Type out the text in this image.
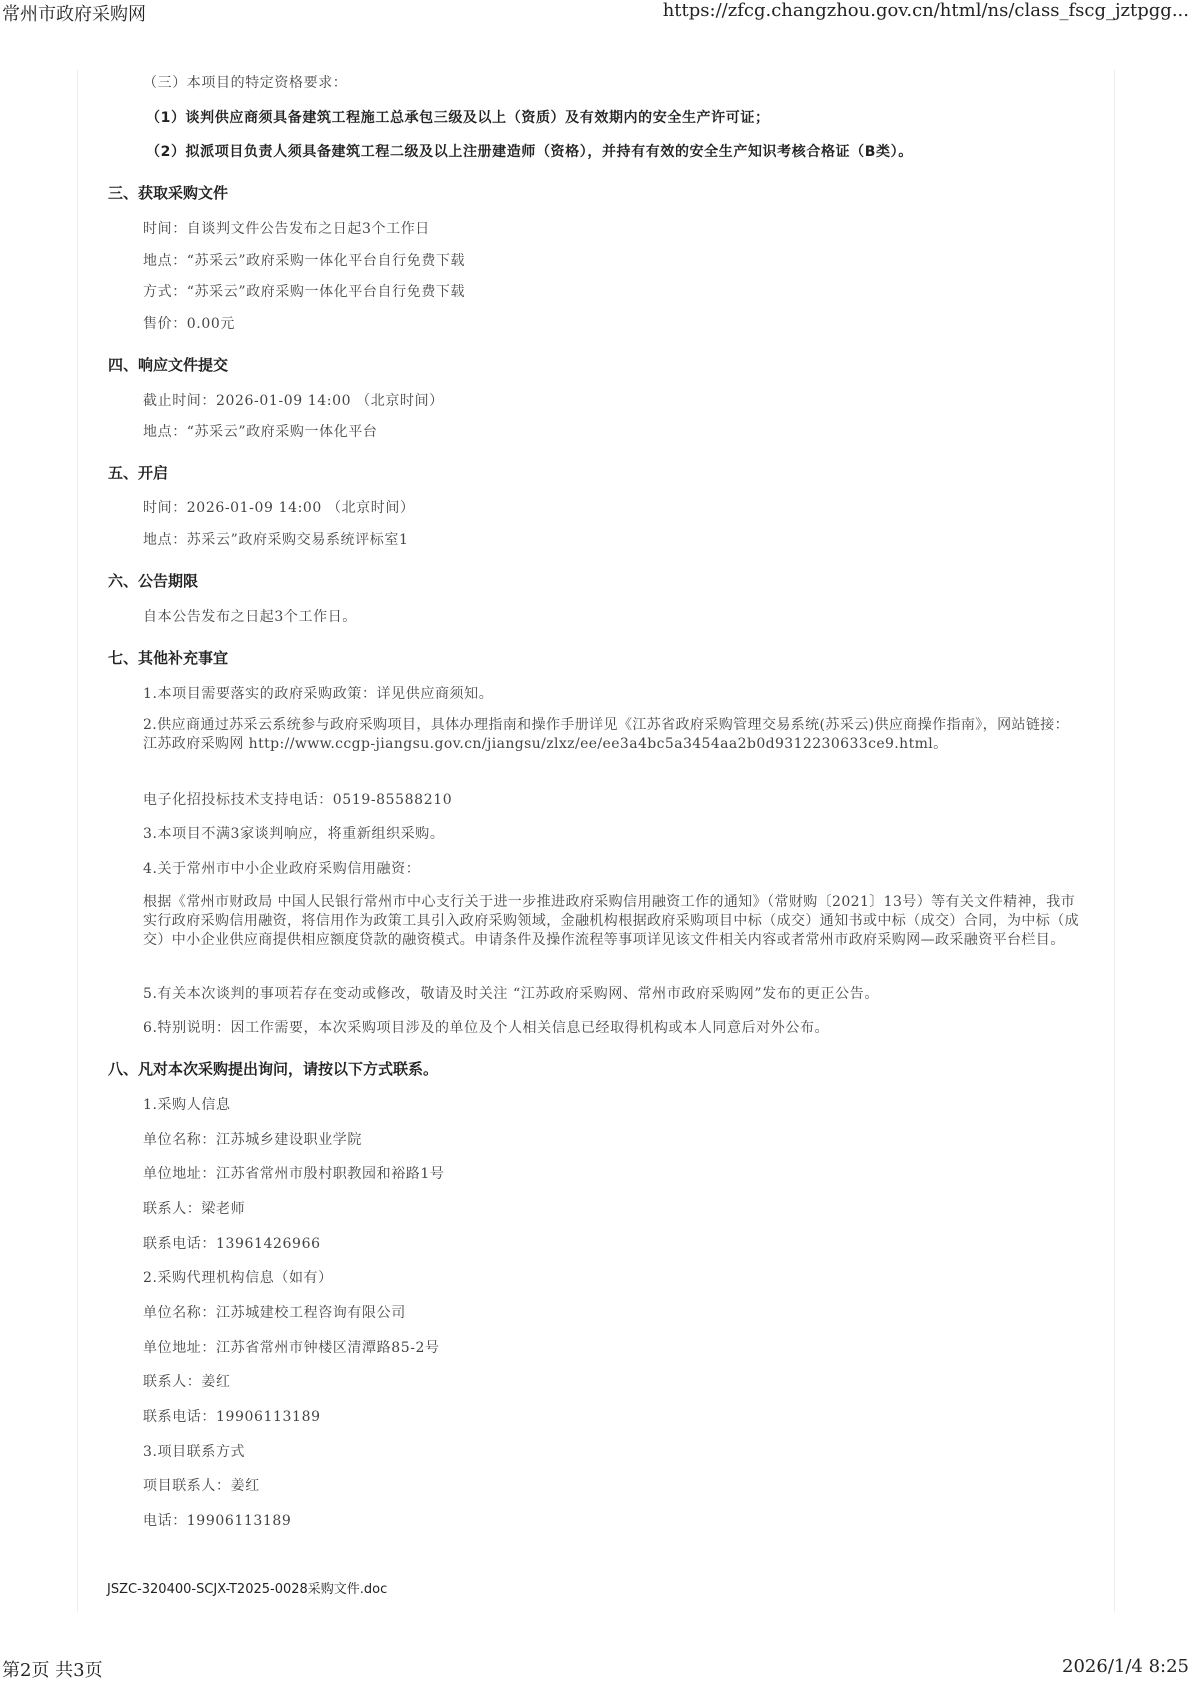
常州市政府采购网	https://zfcg.changzhou.gov.cn/html/ns/class_fscg_jztpgg...
（三）本项目的特定资格要求：
（1）谈判供应商须具备建筑工程施工总承包三级及以上（资质）及有效期内的安全生产许可证；
（2）拟派项目负责人须具备建筑工程二级及以上注册建造师（资格），并持有有效的安全生产知识考核合格证（B类）。
三、获取采购文件
时间：自谈判文件公告发布之日起3个工作日
地点：“苏采云”政府采购一体化平台自行免费下载
方式：“苏采云”政府采购一体化平台自行免费下载
售价：0.00元
四、响应文件提交
截止时间：2026-01-09 14:00 （北京时间）
地点：“苏采云”政府采购一体化平台
五、开启
时间：2026-01-09 14:00 （北京时间）
地点：苏采云”政府采购交易系统评标室1
六、公告期限
自本公告发布之日起3个工作日。
七、其他补充事宜
1.本项目需要落实的政府采购政策：详见供应商须知。
2.供应商通过苏采云系统参与政府采购项目，具体办理指南和操作手册详见《江苏省政府采购管理交易系统(苏采云)供应商操作指南》，网站链接：江苏政府采购网 http://www.ccgp-jiangsu.gov.cn/jiangsu/zlxz/ee/ee3a4bc5a3454aa2b0d9312230633ce9.html。
电子化招投标技术支持电话：0519-85588210
3.本项目不满3家谈判响应，将重新组织采购。
4.关于常州市中小企业政府采购信用融资：
根据《常州市财政局 中国人民银行常州市中心支行关于进一步推进政府采购信用融资工作的通知》（常财购〔2021〕13号）等有关文件精神，我市实行政府采购信用融资，将信用作为政策工具引入政府采购领域，金融机构根据政府采购项目中标（成交）通知书或中标（成交）合同，为中标（成交）中小企业供应商提供相应额度贷款的融资模式。申请条件及操作流程等事项详见该文件相关内容或者常州市政府采购网—政采融资平台栏目。
5.有关本次谈判的事项若存在变动或修改，敬请及时关注 “江苏政府采购网、常州市政府采购网”发布的更正公告。
6.特别说明：因工作需要，本次采购项目涉及的单位及个人相关信息已经取得机构或本人同意后对外公布。
八、凡对本次采购提出询问，请按以下方式联系。
1.采购人信息
单位名称：江苏城乡建设职业学院
单位地址：江苏省常州市殷村职教园和裕路1号
联系人：梁老师
联系电话：13961426966
2.采购代理机构信息（如有）
单位名称：江苏城建校工程咨询有限公司
单位地址：江苏省常州市钟楼区清潭路85-2号
联系人：姜红
联系电话：19906113189
3.项目联系方式
项目联系人：姜红
电话：19906113189
JSZC-320400-SCJX-T2025-0028采购文件.doc
第2页 共3页	2026/1/4 8:25
